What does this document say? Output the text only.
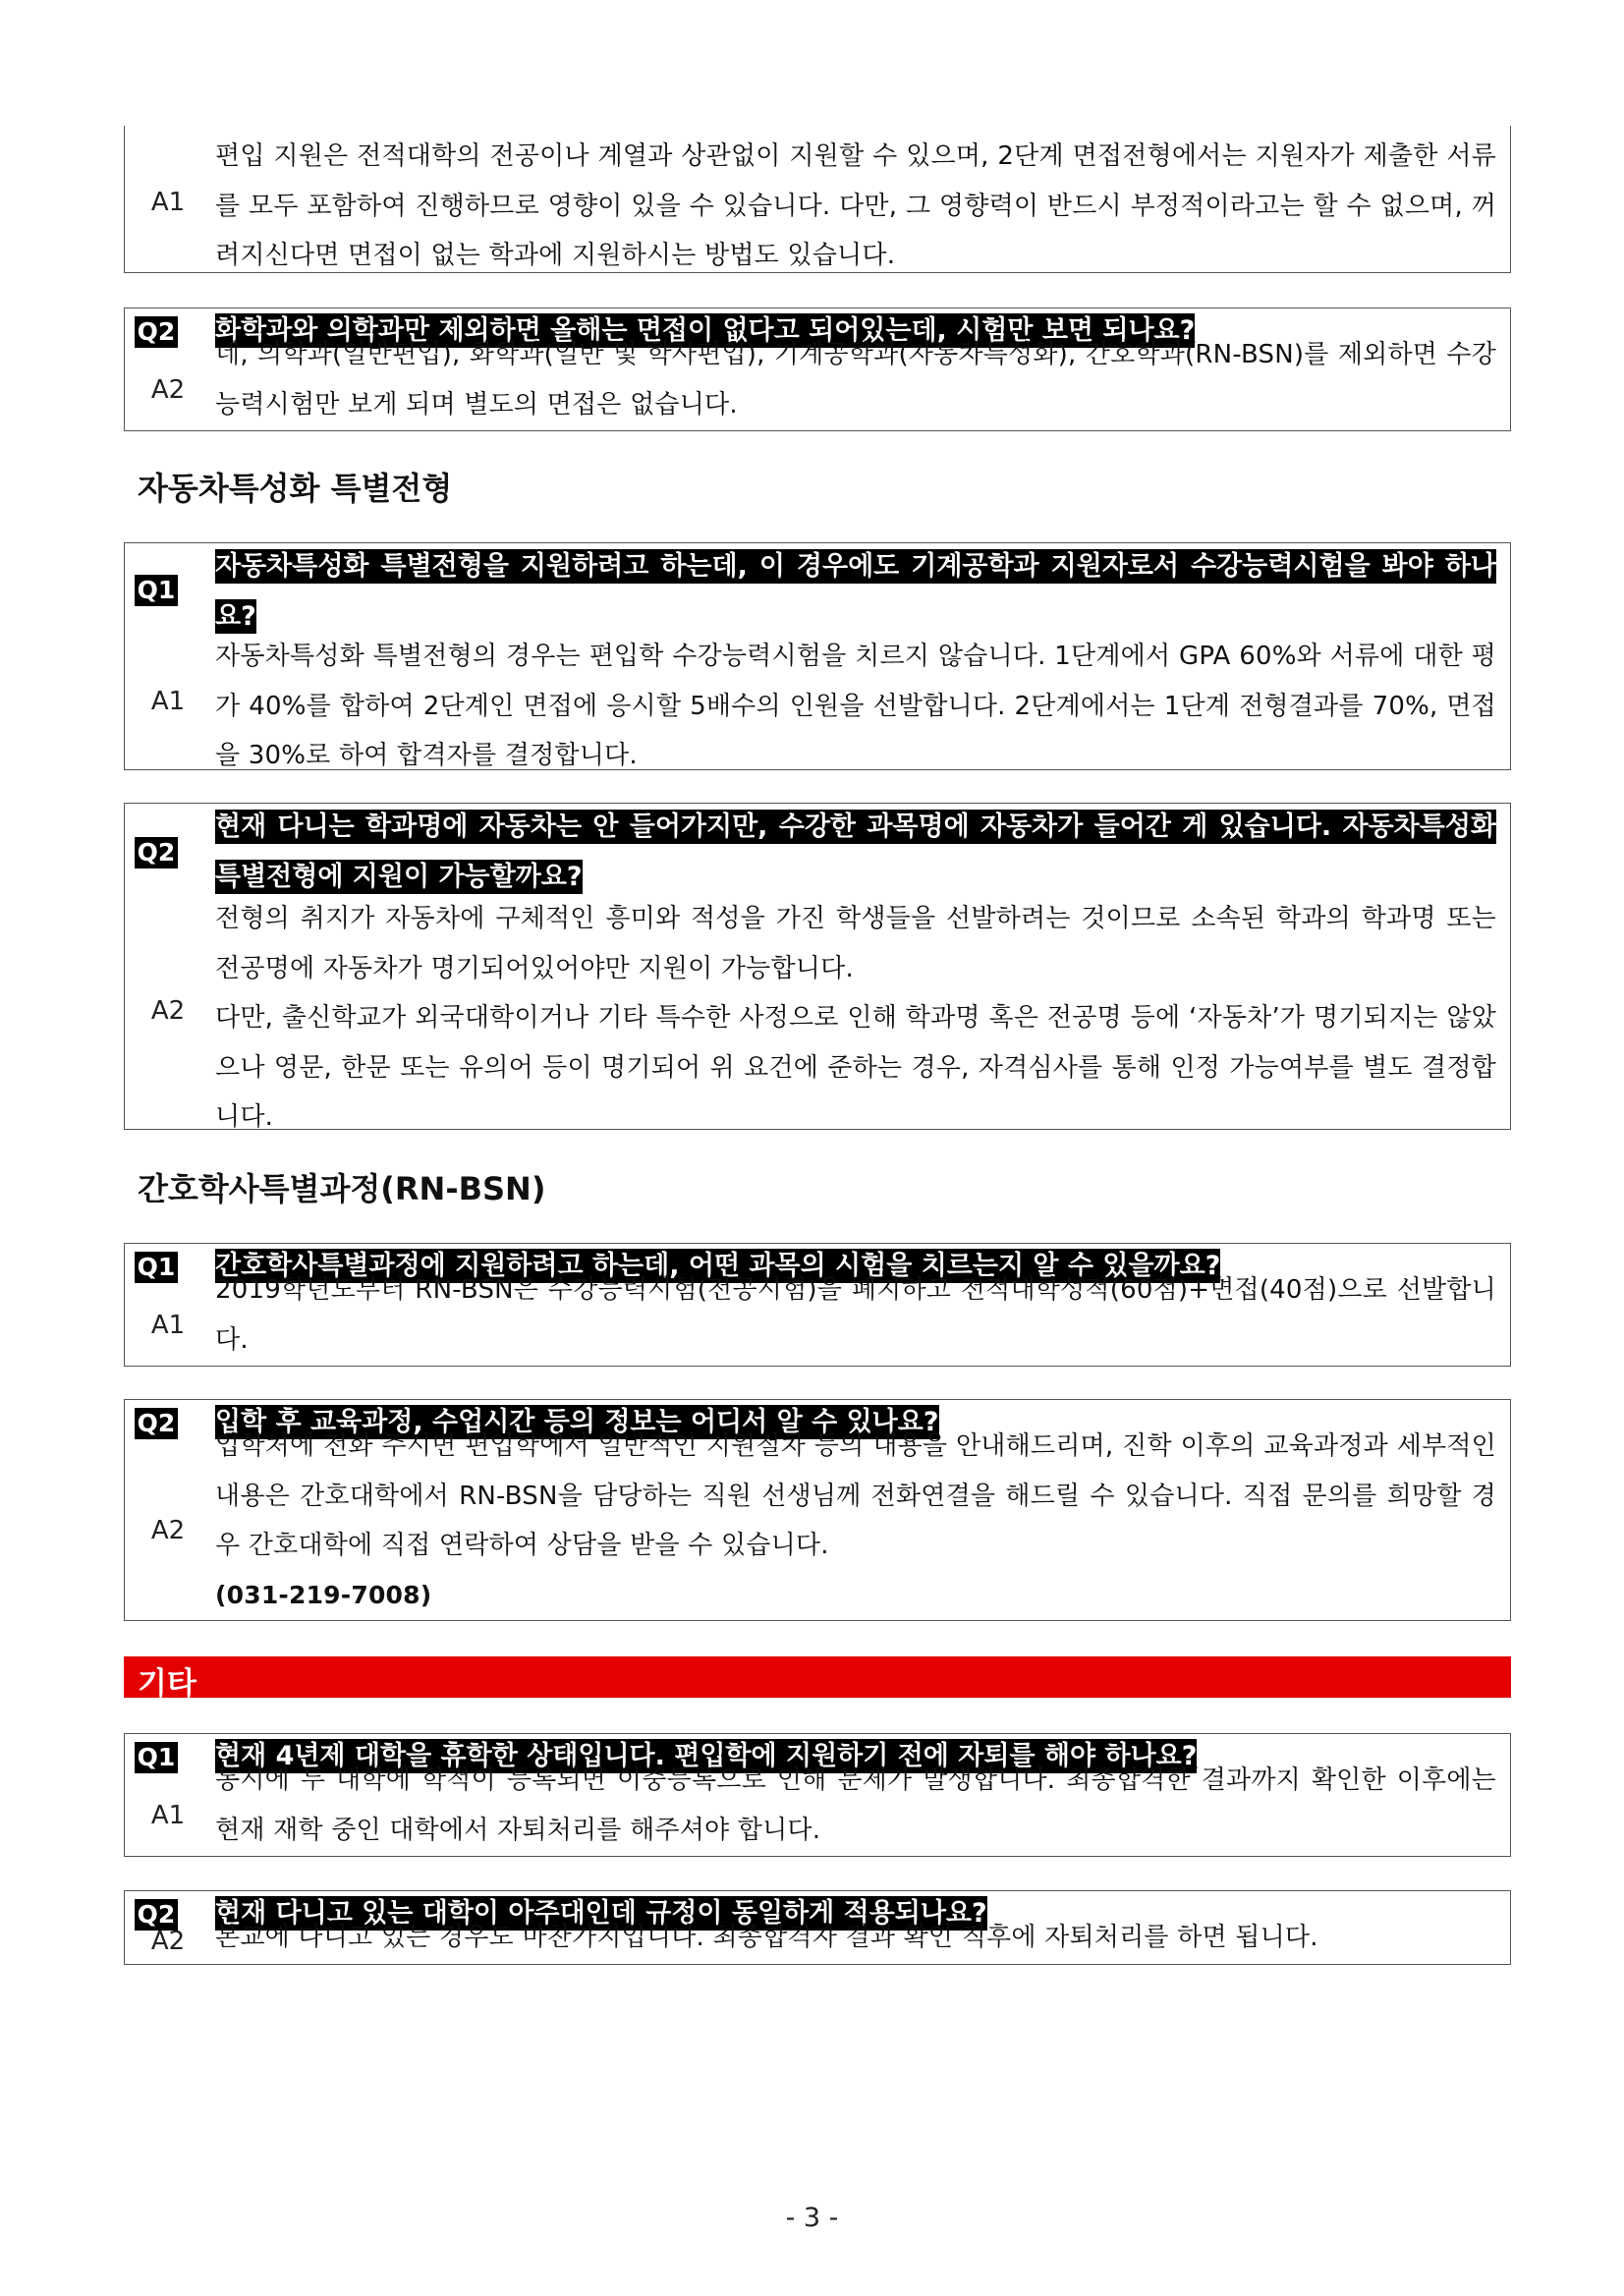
A1

편입 지원은 전적대학의 전공이나 계열과 상관없이 지원할 수 있으며, 2단계 면접전형에서는 지원자가 제출한 서류를 모두 포함하여 진행하므로 영향이 있을 수 있습니다. 다만, 그 영향력이 반드시 부정적이라고는 할 수 없으며, 꺼려지신다면 면접이 없는 학과에 지원하시는 방법도 있습니다.

Q2 화학과와 의학과만 제외하면 올해는 면접이 없다고 되어있는데, 시험만 보면 되나요?

A2

네, 의학과(일반편입), 화학과(일반 및 학사편입), 기계공학과(자동차특성화), 간호학과(RN-BSN)를 제외하면 수강능력시험만 보게 되며 별도의 면접은 없습니다.

자동차특성화 특별전형
Q1

자동차특성화 특별전형을 지원하려고 하는데, 이 경우에도 기계공학과 지원자로서 수강능력시험을 봐야 하나요?

A1

자동차특성화 특별전형의 경우는 편입학 수강능력시험을 치르지 않습니다. 1단계에서 GPA 60%와 서류에 대한 평가 40%를 합하여 2단계인 면접에 응시할 5배수의 인원을 선발합니다. 2단계에서는 1단계 전형결과를 70%, 면접을 30%로 하여 합격자를 결정합니다.

Q2

현재 다니는 학과명에 자동차는 안 들어가지만, 수강한 과목명에 자동차가 들어간 게 있습니다. 자동차특성화 특별전형에 지원이 가능할까요?

A2

전형의 취지가 자동차에 구체적인 흥미와 적성을 가진 학생들을 선발하려는 것이므로 소속된 학과의 학과명 또는 전공명에 자동차가 명기되어있어야만 지원이 가능합니다.

다만, 출신학교가 외국대학이거나 기타 특수한 사정으로 인해 학과명 혹은 전공명 등에 ‘자동차’가 명기되지는 않았으나 영문, 한문 또는 유의어 등이 명기되어 위 요건에 준하는 경우, 자격심사를 통해 인정 가능여부를 별도 결정합니다.

간호학사특별과정(RN-BSN)
Q1 간호학사특별과정에 지원하려고 하는데, 어떤 과목의 시험을 치르는지 알 수 있을까요?

A1

2019학년도부터 RN-BSN은 수강능력시험(전공시험)을 폐지하고 전적대학성적(60점)+면접(40점)으로 선발합니다.

Q2 입학 후 교육과정, 수업시간 등의 정보는 어디서 알 수 있나요?

A2

입학처에 전화 주시면 편입학에서 일반적인 지원절차 등의 내용을 안내해드리며, 진학 이후의 교육과정과 세부적인 내용은 간호대학에서 RN-BSN을 담당하는 직원 선생님께 전화연결을 해드릴 수 있습니다. 직접 문의를 희망할 경우 간호대학에 직접 연락하여 상담을 받을 수 있습니다.

(031-219-7008)

기타
Q1 현재 4년제 대학을 휴학한 상태입니다. 편입학에 지원하기 전에 자퇴를 해야 하나요?

A1

동시에 두 대학에 학적이 등록되면 이중등록으로 인해 문제가 발생합니다. 최종합격한 결과까지 확인한 이후에는 현재 재학 중인 대학에서 자퇴처리를 해주셔야 합니다.

Q2 현재 다니고 있는 대학이 아주대인데 규정이 동일하게 적용되나요?

A2	본교에 다니고 있는 경우도 마찬가지입니다. 최종합격자 결과 확인 직후에 자퇴처리를 하면 됩니다.

- 3 -
